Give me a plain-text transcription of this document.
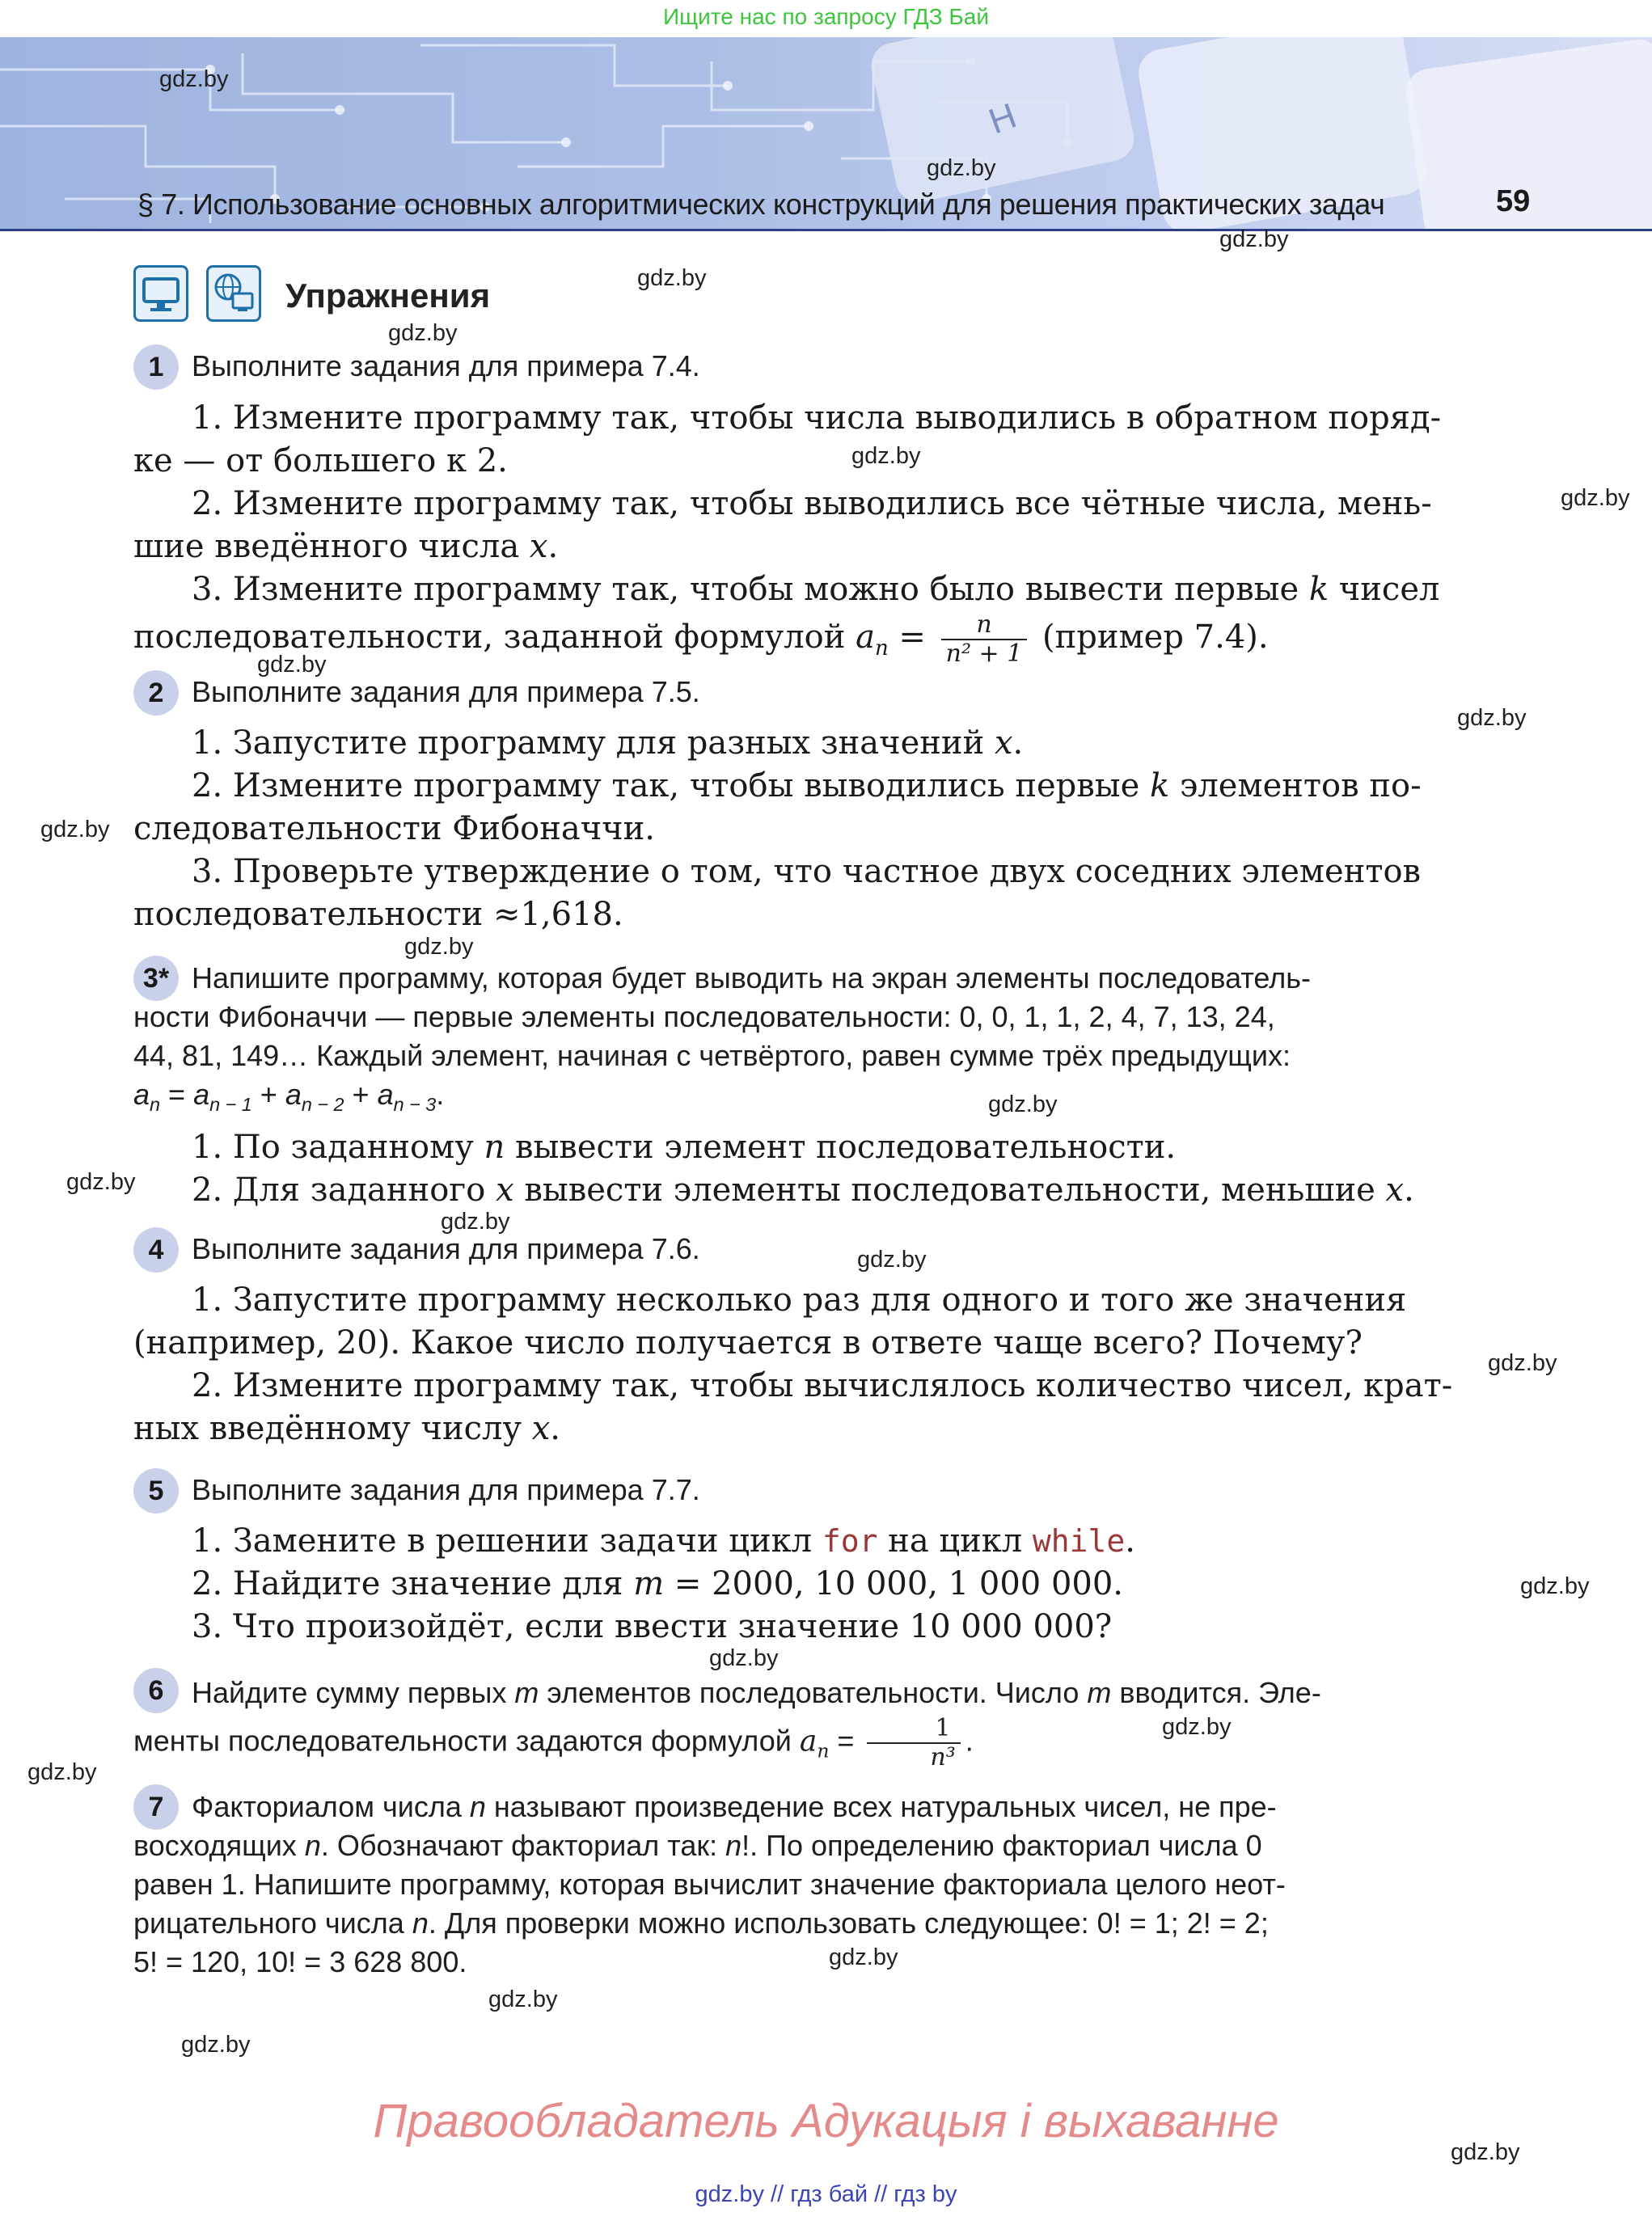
Ищите нас по запросу ГДЗ Бай
H
§ 7. Использование основных алгоритмических конструкций для решения практических задач	59
Упражнения
1 Выполните задания для примера 7.4.
1. Измените программу так, чтобы числа выводились в обратном поряд-
ке — от большего к 2.
2. Измените программу так, чтобы выводились все чётные числа, мень-
шие введённого числа x.
3. Измените программу так, чтобы можно было вывести первые k чисел
последовательности, заданной формулой $a_n = \frac{n}{\text{n² + 1}}$ (пример 7.4).
2 Выполните задания для примера 7.5.
1. Запустите программу для разных значений x.
2. Измените программу так, чтобы выводились первые k элементов по-
следовательности Фибоначчи.
3. Проверьте утверждение о том, что частное двух соседних элементов
последовательности ≈1,618.
3* Напишите программу, которая будет выводить на экран элементы последователь-
ности Фибоначчи — первые элементы последовательности: 0, 0, 1, 1, 2, 4, 7, 13, 24,
44, 81, 149… Каждый элемент, начиная с четвёртого, равен сумме трёх предыдущих:
$a_n = a_{n - 1} + a_{n - 2} + a_{n - 3}$.
1. По заданному n вывести элемент последовательности.
2. Для заданного x вывести элементы последовательности, меньшие x.
4 Выполните задания для примера 7.6.
1. Запустите программу несколько раз для одного и того же значения
(например, 20). Какое число получается в ответе чаще всего? Почему?
2. Измените программу так, чтобы вычислялось количество чисел, крат-
ных введённому числу x.
5 Выполните задания для примера 7.7.
1. Замените в решении задачи цикл for на цикл while.
2. Найдите значение для m = 2000, 10 000, 1 000 000.
3. Что произойдёт, если ввести значение 10 000 000?
6 Найдите сумму первых m элементов последовательности. Число m вводится. Эле-
менты последовательности задаются формулой $a_n = \frac{1}{\text{n³}}$ .
7 Факториалом числа n называют произведение всех натуральных чисел, не пре-
восходящих n. Обозначают факториал так: n!. По определению факториал числа 0
равен 1. Напишите программу, которая вычислит значение факториала целого неот-
рицательного числа n. Для проверки можно использовать следующее: 0! = 1; 2! = 2;
5! = 120, 10! = 3 628 800.
gdz.by
gdz.by
gdz.by
gdz.by
gdz.by
gdz.by
gdz.by
gdz.by
gdz.by
gdz.by
gdz.by
gdz.by
gdz.by
gdz.by
gdz.by
gdz.by
gdz.by
gdz.by
gdz.by
gdz.by
gdz.by
gdz.by
gdz.by
gdz.by
Правообладатель Адукацыя і выхаванне
gdz.by // гдз бай // гдз by
